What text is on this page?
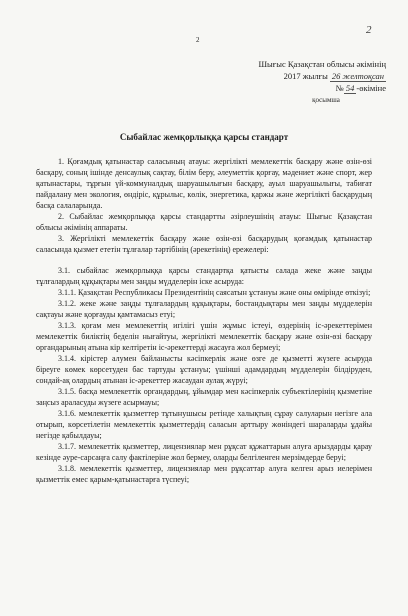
2
2
Шығыс Қазақстан облысы әкімінің
2017 жылғы 26 желтоқсан
№ 54 -өкіміне
қосымша
Сыбайлас жемқорлыққа қарсы стандарт

1. Қоғамдық қатынастар саласының атауы: жергілікті мемлекеттік басқару және өзін-өзі басқару, соның ішінде денсаулық сақтау, білім беру, әлеуметтік қорғау, мәдениет және спорт, жер қатынастары, тұрғын үй-коммуналдық шаруашылығын басқару, ауыл шаруашылығы, табиғат пайдалану мен экология, өндіріс, құрылыс, көлік, энергетика, қаржы және жергілікті басқарудың басқа салаларында.

2. Сыбайлас жемқорлыққа қарсы стандартты әзірлеушінің атауы: Шығыс Қазақстан облысы әкімінің аппараты.

3. Жергілікті мемлекеттік басқару және өзін-өзі басқарудың қоғамдық қатынастар саласында қызмет ететін тұлғалар тәртібінің (әрекетінің) ережелері:

3.1. сыбайлас жемқорлыққа қарсы стандартқа қатысты салада жеке және заңды тұлғалардың құқықтары мен заңды мүдделерін іске асыруда:

3.1.1. Қазақстан Республикасы Президентінің саясатын ұстануы және оны өмірінде өткізуі;

3.1.2. жеке және заңды тұлғалардың құқықтары, бостандықтары мен заңды мүдделерін сақтауы және қорғауды қамтамасыз етуі;

3.1.3. қоғам мен мемлекеттің игілігі үшін жұмыс істеуі, өздерінің іс-әрекеттерімен мемлекеттік биліктің беделін нығайтуы, жергілікті мемлекеттік басқару және өзін-өзі басқару органдарының атына кір келтіретін іс-әрекеттерді жасауға жол бермеуі;

3.1.4. кірістер алумен байланысты кәсіпкерлік және өзге де қызметті жүзеге асыруда біреуге көмек көрсетуден бас тартуды ұстануы; үшінші адамдардың мүдделерін білдіруден, сондай-ақ олардың атынан іс-әрекеттер жасаудан аулақ жүруі;

3.1.5. басқа мемлекеттік органдардың, ұйымдар мен кәсіпкерлік субъектілерінің қызметіне заңсыз араласуды жүзеге асырмауы;

3.1.6. мемлекеттік қызметтер тұтынушысы ретінде халықтың сұрау салуларын негізге ала отырып, көрсетілетін мемлекеттік қызметтердің саласын арттыру жөніндегі шараларды ұдайы негізде қабылдауы;

3.1.7. мемлекеттік қызметтер, лицензиялар мен рұқсат құжаттарын алуға арыздарды қарау кезінде әуре-сарсаңға салу фактілеріне жол бермеу, оларды белгіленген мерзімдерде беруі;

3.1.8. мемлекеттік қызметтер, лицензиялар мен рұқсаттар алуға келген арыз иелерімен қызметтік емес қарым-қатынастарға түспеуі;
